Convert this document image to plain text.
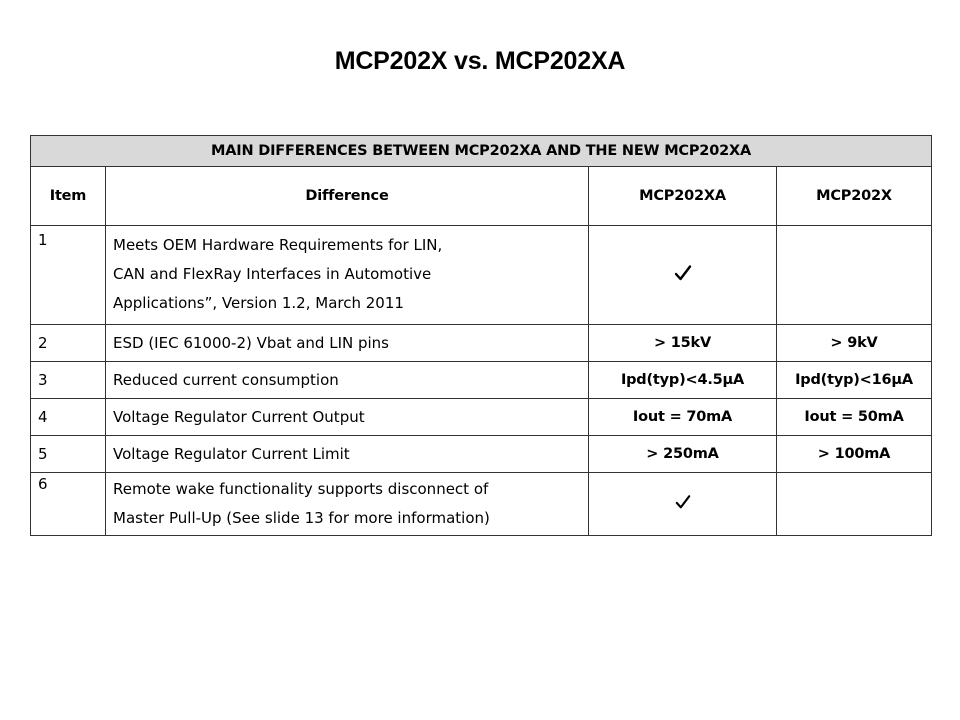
MCP202X vs. MCP202XA
MAIN DIFFERENCES BETWEEN MCP202XA AND THE NEW MCP202XA			
Item	Difference	MCP202XA	MCP202X
1	Meets OEM Hardware Requirements for LIN,
CAN and FlexRay Interfaces in Automotive
Applications”, Version 1.2, March 2011

2	ESD (IEC 61000-2) Vbat and LIN pins	> 15kV	> 9kV
3	Reduced current consumption	Ipd(typ)<4.5µA	Ipd(typ)<16µA
4	Voltage Regulator Current Output	Iout = 70mA	Iout = 50mA
5	Voltage Regulator Current Limit	> 250mA	> 100mA
6	Remote wake functionality supports disconnect of
Master Pull-Up (See slide 13 for more information)
